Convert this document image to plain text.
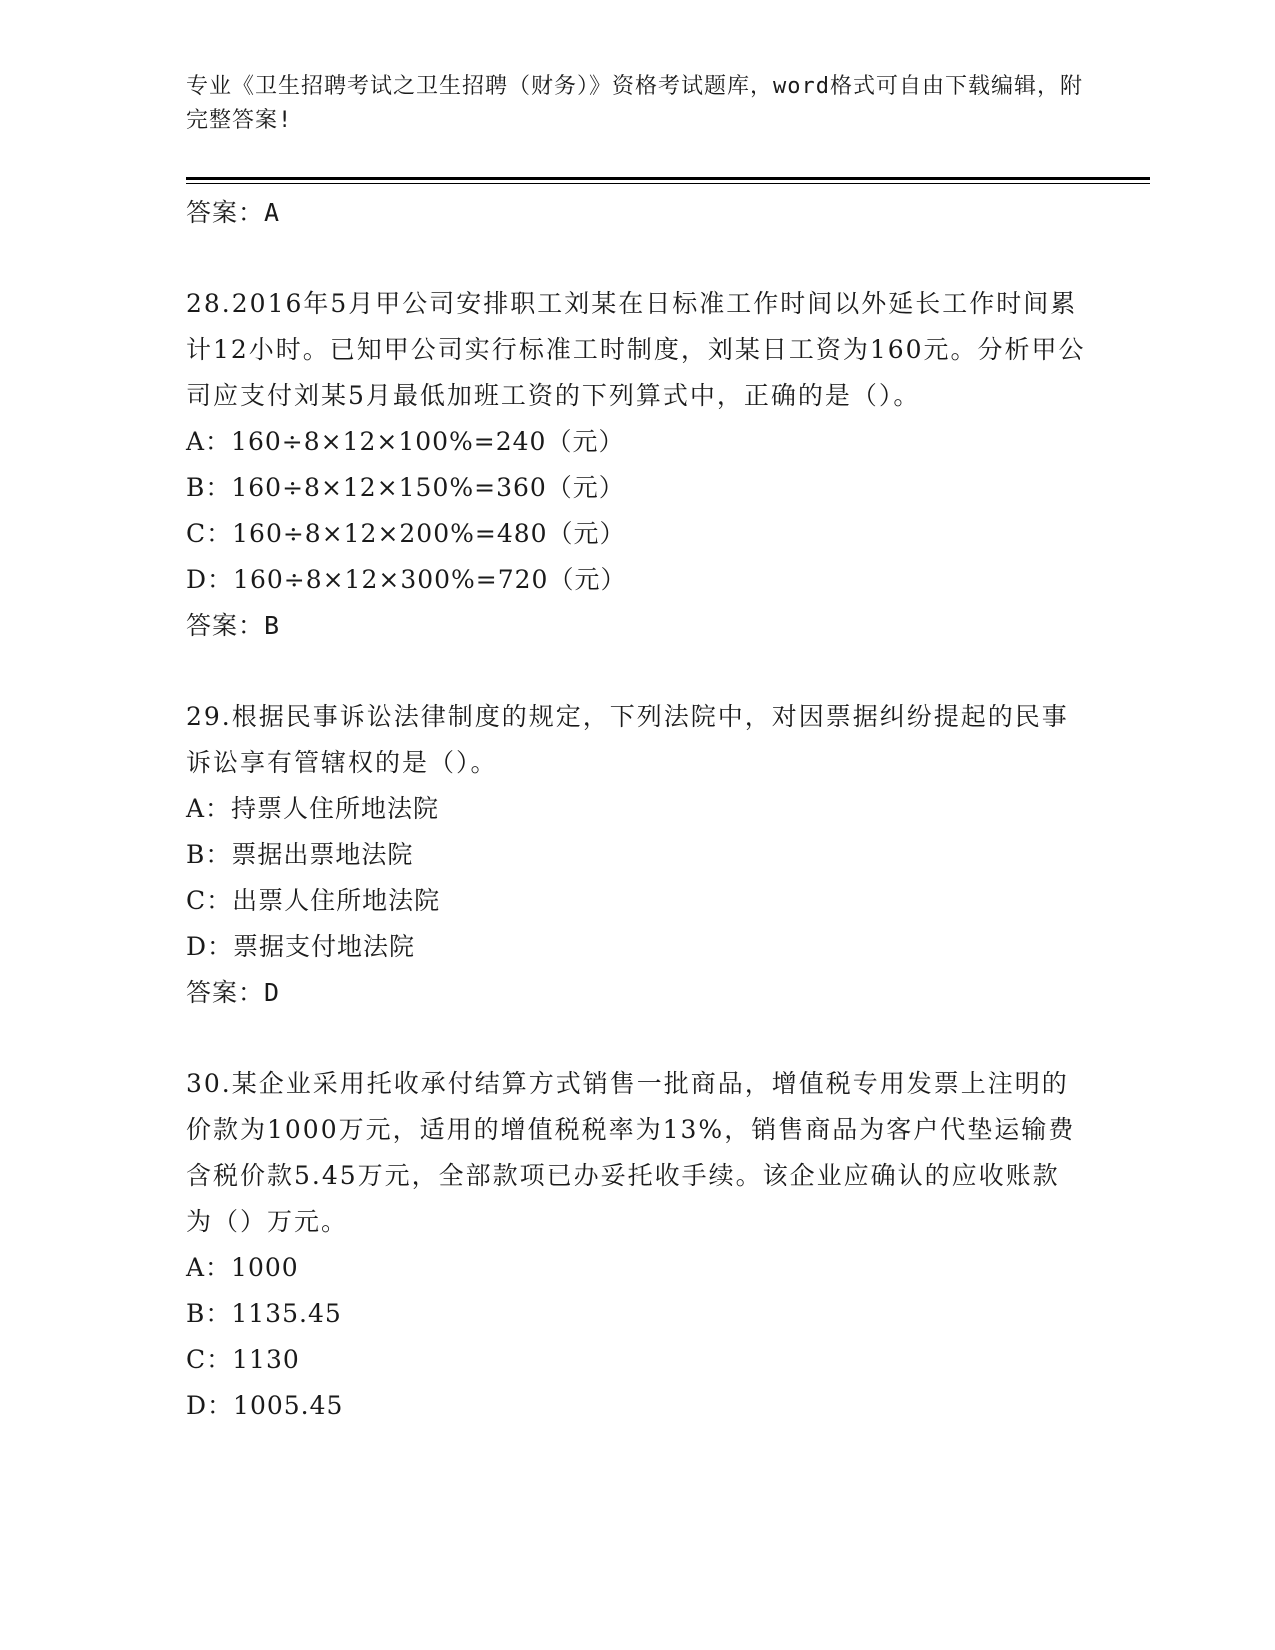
专业《卫生招聘考试之卫生招聘（财务）》资格考试题库，word格式可自由下载编辑，附完整答案!
答案：A
28.2016年5月甲公司安排职工刘某在日标准工作时间以外延长工作时间累计12小时。已知甲公司实行标准工时制度，刘某日工资为160元。分析甲公司应支付刘某5月最低加班工资的下列算式中，正确的是（）。
A：160÷8×12×100%=240（元）
B：160÷8×12×150%=360（元）
C：160÷8×12×200%=480（元）
D：160÷8×12×300%=720（元）
答案：B
29.根据民事诉讼法律制度的规定，下列法院中，对因票据纠纷提起的民事诉讼享有管辖权的是（）。
A：持票人住所地法院
B：票据出票地法院
C：出票人住所地法院
D：票据支付地法院
答案：D
30.某企业采用托收承付结算方式销售一批商品，增值税专用发票上注明的价款为1000万元，适用的增值税税率为13%，销售商品为客户代垫运输费含税价款5.45万元，全部款项已办妥托收手续。该企业应确认的应收账款为（）万元。
A：1000
B：1135.45
C：1130
D：1005.45
